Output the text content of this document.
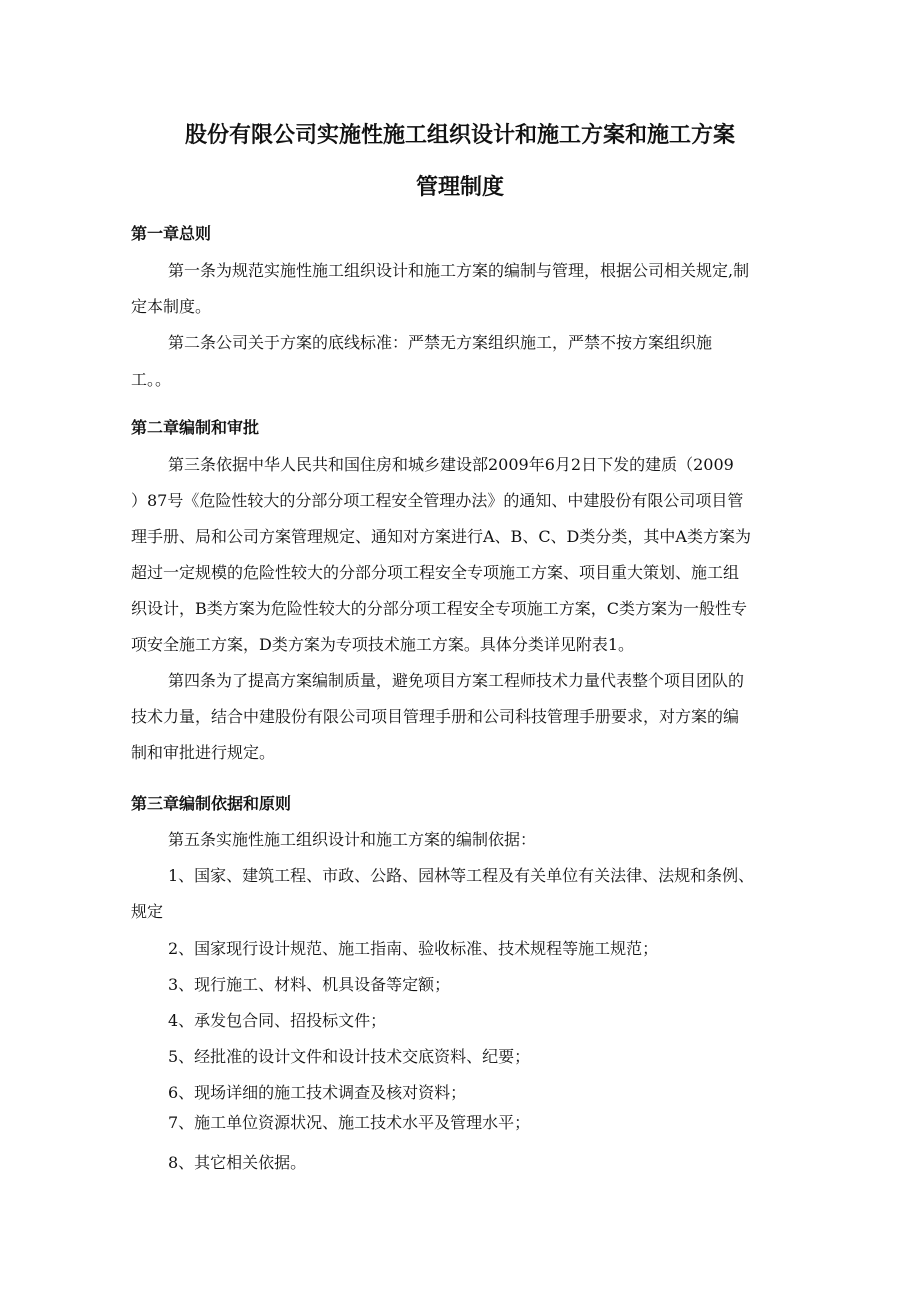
股份有限公司实施性施工组织设计和施工方案和施工方案
管理制度
第一章总则

第一条为规范实施性施工组织设计和施工方案的编制与管理，根据公司相关规定,制

定本制度。

第二条公司关于方案的底线标准：严禁无方案组织施工，严禁不按方案组织施

工。。

第二章编制和审批

第三条依据中华人民共和国住房和城乡建设部2009年6月2日下发的建质（2009

）87号《危险性较大的分部分项工程安全管理办法》的通知、中建股份有限公司项目管

理手册、局和公司方案管理规定、通知对方案进行A、B、C、D类分类，其中A类方案为

超过一定规模的危险性较大的分部分项工程安全专项施工方案、项目重大策划、施工组

织设计，B类方案为危险性较大的分部分项工程安全专项施工方案，C类方案为一般性专

项安全施工方案，D类方案为专项技术施工方案。具体分类详见附表1。

第四条为了提高方案编制质量，避免项目方案工程师技术力量代表整个项目团队的

技术力量，结合中建股份有限公司项目管理手册和公司科技管理手册要求，对方案的编

制和审批进行规定。

第三章编制依据和原则

第五条实施性施工组织设计和施工方案的编制依据：

1、国家、建筑工程、市政、公路、园林等工程及有关单位有关法律、法规和条例、

规定

2、国家现行设计规范、施工指南、验收标准、技术规程等施工规范；

3、现行施工、材料、机具设备等定额；

4、承发包合同、招投标文件；

5、经批准的设计文件和设计技术交底资料、纪要；

6、现场详细的施工技术调查及核对资料；

7、施工单位资源状况、施工技术水平及管理水平；

8、其它相关依据。
